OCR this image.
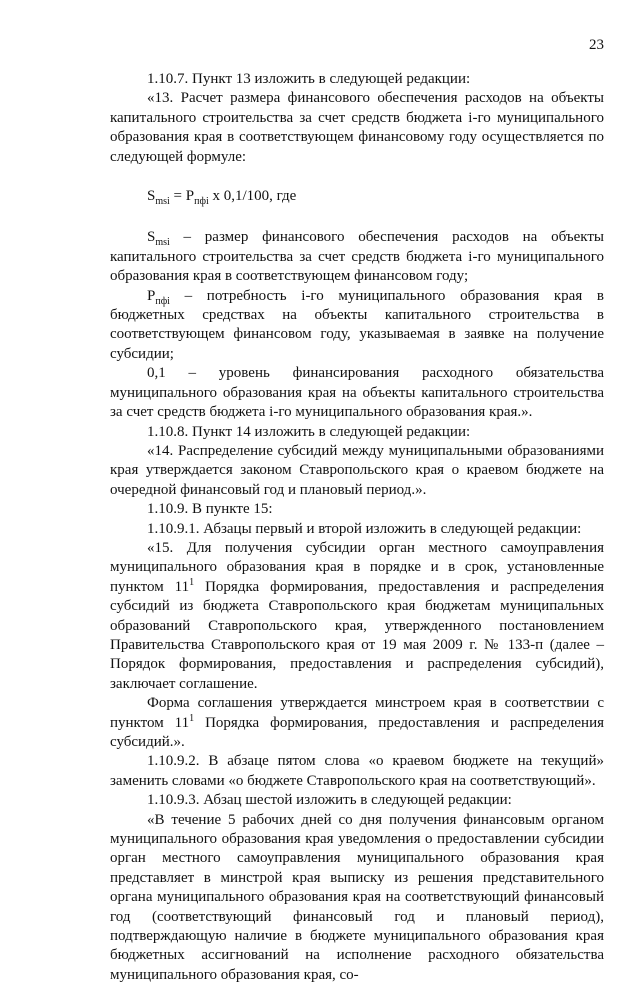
23

1.10.7. Пункт 13 изложить в следующей редакции:

«13. Расчет размера финансового обеспечения расходов на объекты капитального строительства за счет средств бюджета i-го муниципального образования края в соответствующем финансовому году осуществляется по следующей формуле:

$S_{msi} = P_{пфi}$ x 0,1/100, где

$S_{msi}$ – размер финансового обеспечения расходов на объекты капитального строительства за счет средств бюджета i-го муниципального образования края в соответствующем финансовом году;

$P_{пфi}$ – потребность i-го муниципального образования края в бюджетных средствах на объекты капитального строительства в соответствующем финансовом году, указываемая в заявке на получение субсидии;

0,1 – уровень финансирования расходного обязательства муниципального образования края на объекты капитального строительства за счет средств бюджета i-го муниципального образования края.».

1.10.8. Пункт 14 изложить в следующей редакции:

«14. Распределение субсидий между муниципальными образованиями края утверждается законом Ставропольского края о краевом бюджете на очередной финансовый год и плановый период.».

1.10.9. В пункте 15:

1.10.9.1. Абзацы первый и второй изложить в следующей редакции:

«15. Для получения субсидии орган местного самоуправления муниципального образования края в порядке и в срок, установленные пунктом $11^1$ Порядка формирования, предоставления и распределения субсидий из бюджета Ставропольского края бюджетам муниципальных образований Ставропольского края, утвержденного постановлением Правительства Ставропольского края от 19 мая 2009 г. № 133-п (далее – Порядок формирования, предоставления и распределения субсидий), заключает соглашение.

Форма соглашения утверждается минстроем края в соответствии с пунктом $11^1$ Порядка формирования, предоставления и распределения субсидий.».

1.10.9.2. В абзаце пятом слова «о краевом бюджете на текущий» заменить словами «о бюджете Ставропольского края на соответствующий».

1.10.9.3. Абзац шестой изложить в следующей редакции:

«В течение 5 рабочих дней со дня получения финансовым органом муниципального образования края уведомления о предоставлении субсидии орган местного самоуправления муниципального образования края представляет в минстрой края выписку из решения представительного органа муниципального образования края на соответствующий финансовый год (соответствующий финансовый год и плановый период), подтверждающую наличие в бюджете муниципального образования края бюджетных ассигнований на исполнение расходного обязательства муниципального образования края, со-
